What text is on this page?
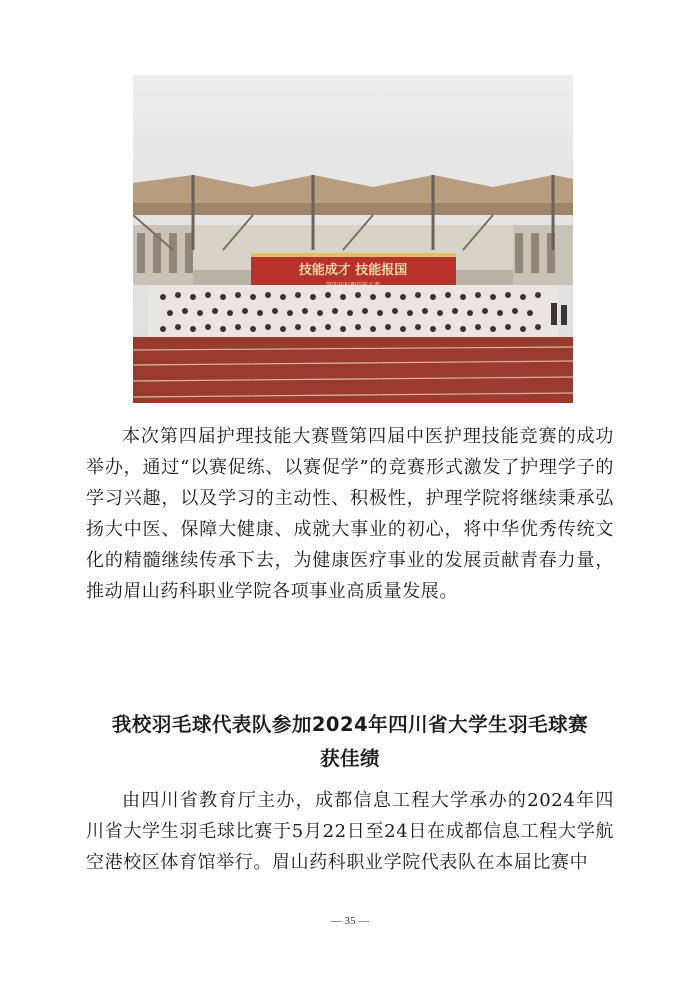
技能成才 技能报国

本次第四届护理技能大赛暨第四届中医护理技能竞赛的成功举办，通过“以赛促练、以赛促学”的竞赛形式激发了护理学子的学习兴趣，以及学习的主动性、积极性，护理学院将继续秉承弘扬大中医、保障大健康、成就大事业的初心，将中华优秀传统文化的精髓继续传承下去，为健康医疗事业的发展贡献青春力量，推动眉山药科职业学院各项事业高质量发展。

我校羽毛球代表队参加2024年四川省大学生羽毛球赛
获佳绩

由四川省教育厅主办，成都信息工程大学承办的2024年四川省大学生羽毛球比赛于5月22日至24日在成都信息工程大学航空港校区体育馆举行。眉山药科职业学院代表队在本届比赛中

— 35 —
